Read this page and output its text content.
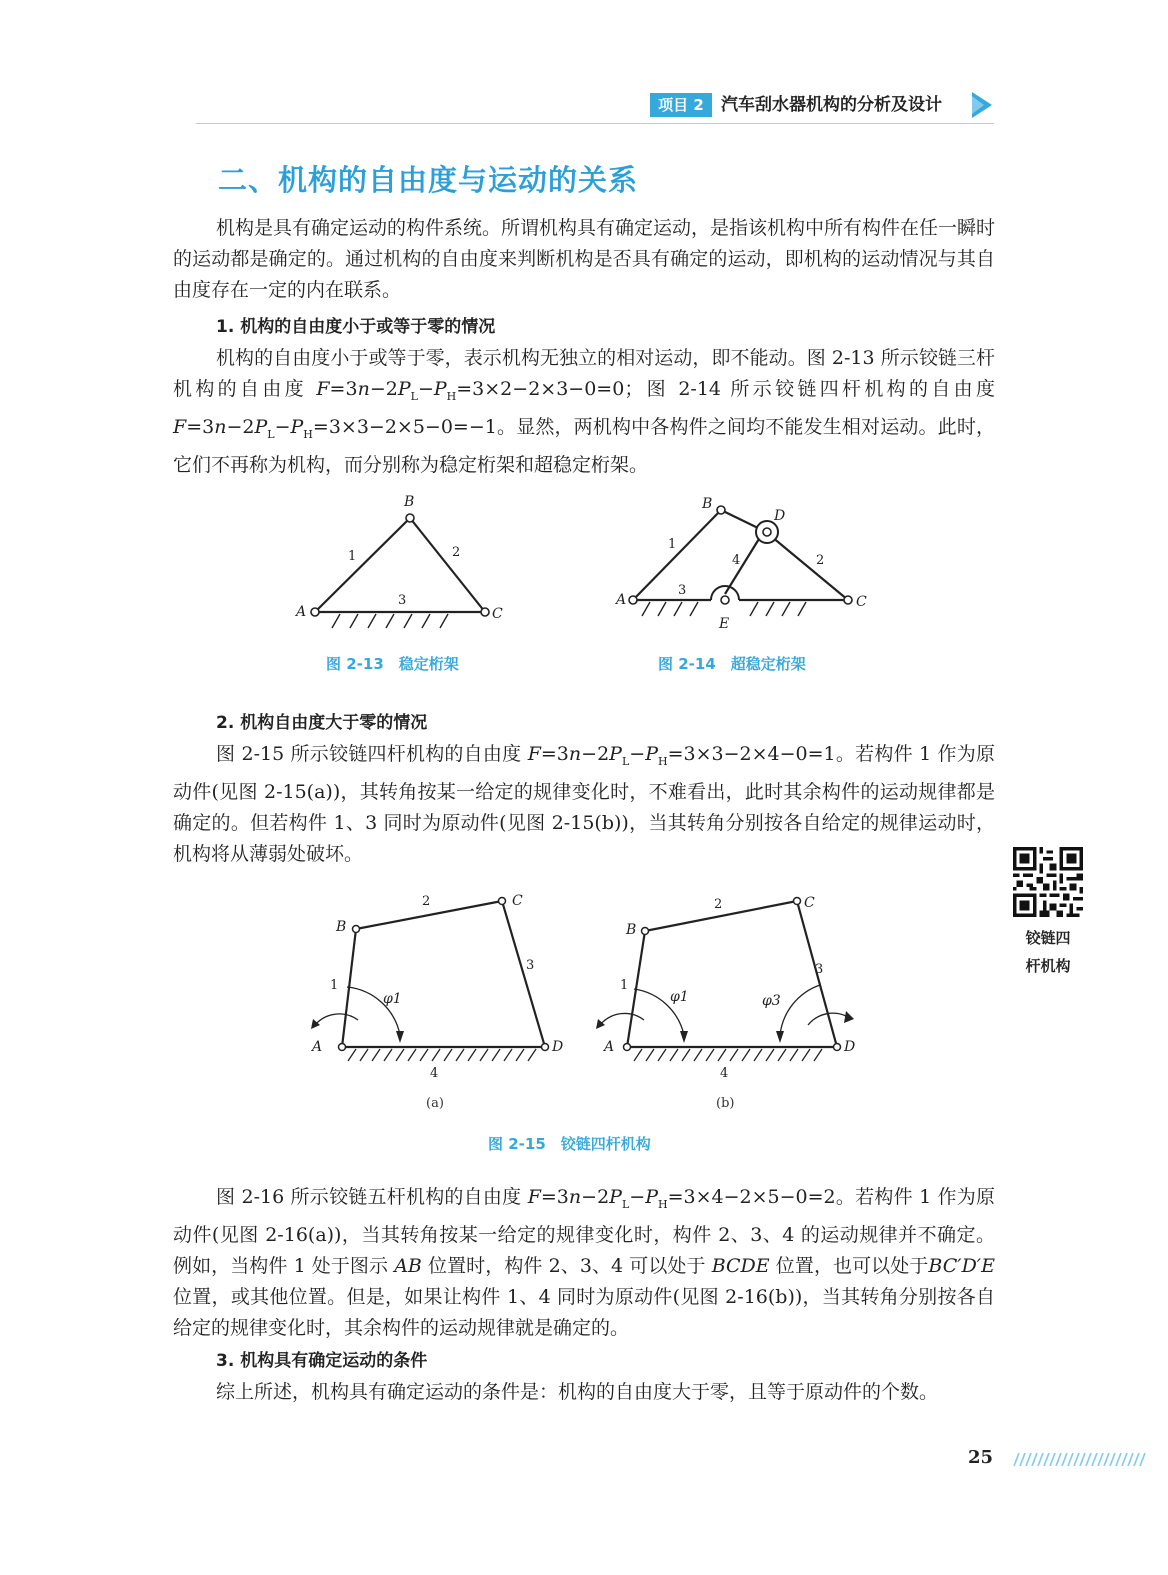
项目 2	汽车刮水器机构的分析及设计
二、机构的自由度与运动的关系

机构是具有确定运动的构件系统。所谓机构具有确定运动，是指该机构中所有构件在任一瞬时的运动都是确定的。通过机构的自由度来判断机构是否具有确定的运动，即机构的运动情况与其自由度存在一定的内在联系。

1. 机构的自由度小于或等于零的情况

机构的自由度小于或等于零，表示机构无独立的相对运动，即不能动。图 2-13 所示铰链三杆机构的自由度 $F=3n-2P_L-P_H=3\times 2-2\times 3-0=0$；图 2-14 所示铰链四杆机构的自由度 $F=3n-2P_L-P_H=3\times 3-2\times 5-0=-1$。显然，两机构中各构件之间均不能发生相对运动。此时，它们不再称为机构，而分别称为稳定桁架和超稳定桁架。

A
B
C
1	2
3
图 2-13　稳定桁架
A
B
C
D
E
1
2
3
4
图 2-14　超稳定桁架
2. 机构自由度大于零的情况

图 2-15 所示铰链四杆机构的自由度 $F=3n-2P_L-P_H=3\times 3-2\times 4-0=1$。若构件 1 作为原动件(见图 2-15(a))，其转角按某一给定的规律变化时，不难看出，此时其余构件的运动规律都是确定的。但若构件 1、3 同时为原动件(见图 2-15(b))，当其转角分别按各自给定的规律运动时，机构将从薄弱处破坏。

A
B
C
D
1
2
3
4
φ1
(a)
A
B
C
D
1
2
3
4
φ1	φ3
(b)
图 2-15　铰链四杆机构
铰链四
杆机构

图 2-16 所示铰链五杆机构的自由度 $F=3n-2P_L-P_H=3\times 4-2\times 5-0=2$。若构件 1 作为原动件(见图 2-16(a))，当其转角按某一给定的规律变化时，构件 2、3、4 的运动规律并不确定。例如，当构件 1 处于图示 AB 位置时，构件 2、3、4 可以处于 BCDE 位置，也可以处于BC′D′E位置，或其他位置。但是，如果让构件 1、4 同时为原动件(见图 2-16(b))，当其转角分别按各自给定的规律变化时，其余构件的运动规律就是确定的。

3. 机构具有确定运动的条件

综上所述，机构具有确定运动的条件是：机构的自由度大于零，且等于原动件的个数。

25
